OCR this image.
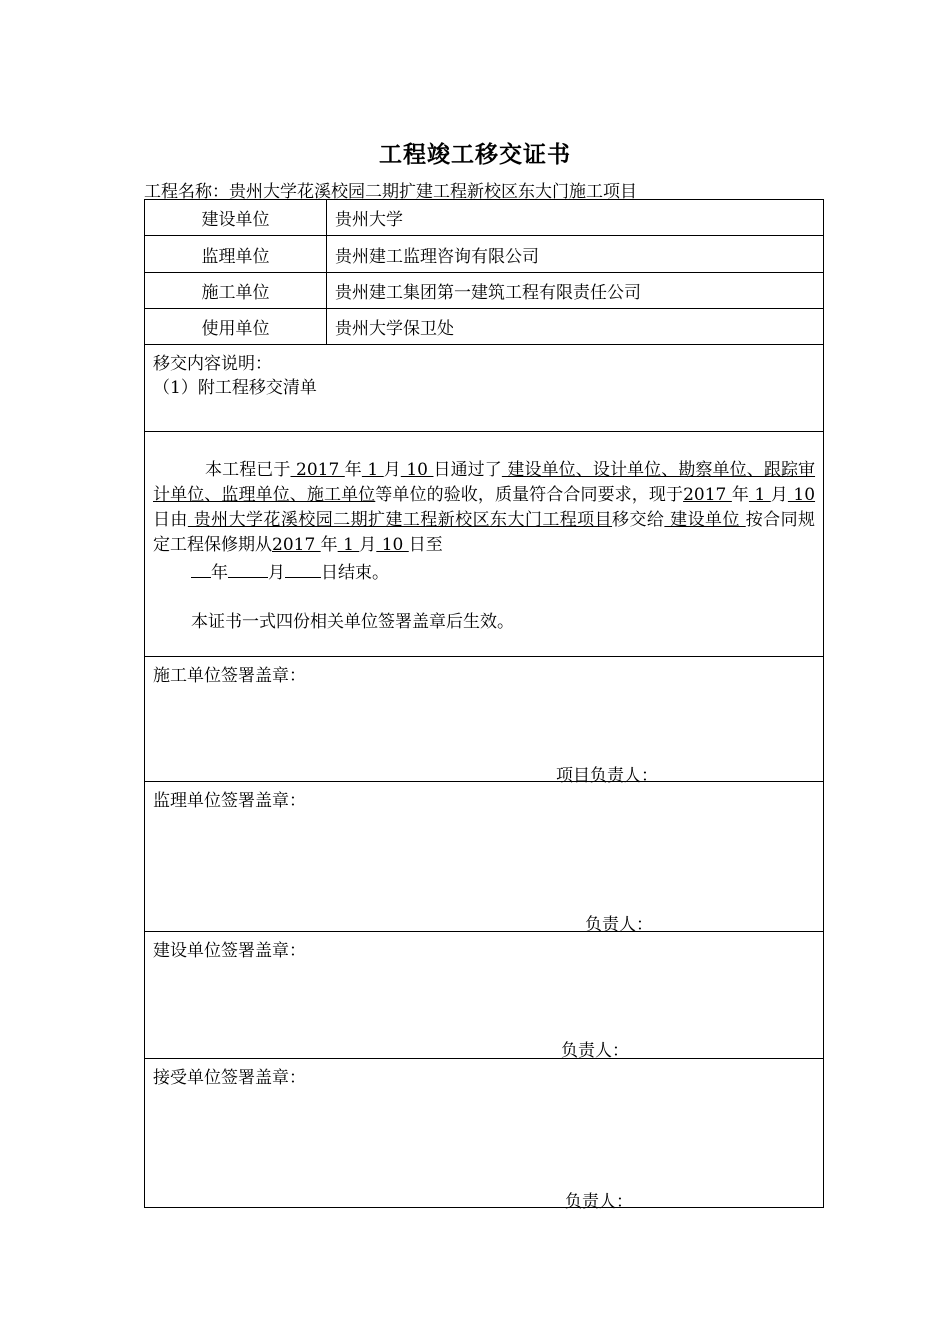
工程竣工移交证书
工程名称：贵州大学花溪校园二期扩建工程新校区东大门施工项目
建设单位	贵州大学
监理单位	贵州建工监理咨询有限公司
施工单位	贵州建工集团第一建筑工程有限责任公司
使用单位	贵州大学保卫处
移交内容说明：
（1）附工程移交清单
本工程已于 2017 年 1 月 10 日通过了 建设单位、设计单位、勘察单位、跟踪审计单位、监理单位、施工单位等单位的验收，质量符合合同要求，现于2017 年 1 月 10 日由 贵州大学花溪校园二期扩建工程新校区东大门工程项目移交给 建设单位 按合同规定工程保修期从2017 年 1 月 10 日至
年 月 日结束。
本证书一式四份相关单位签署盖章后生效。
施工单位签署盖章：
项目负责人：
监理单位签署盖章：
负责人：
建设单位签署盖章：
负责人：
接受单位签署盖章：
负责人：
